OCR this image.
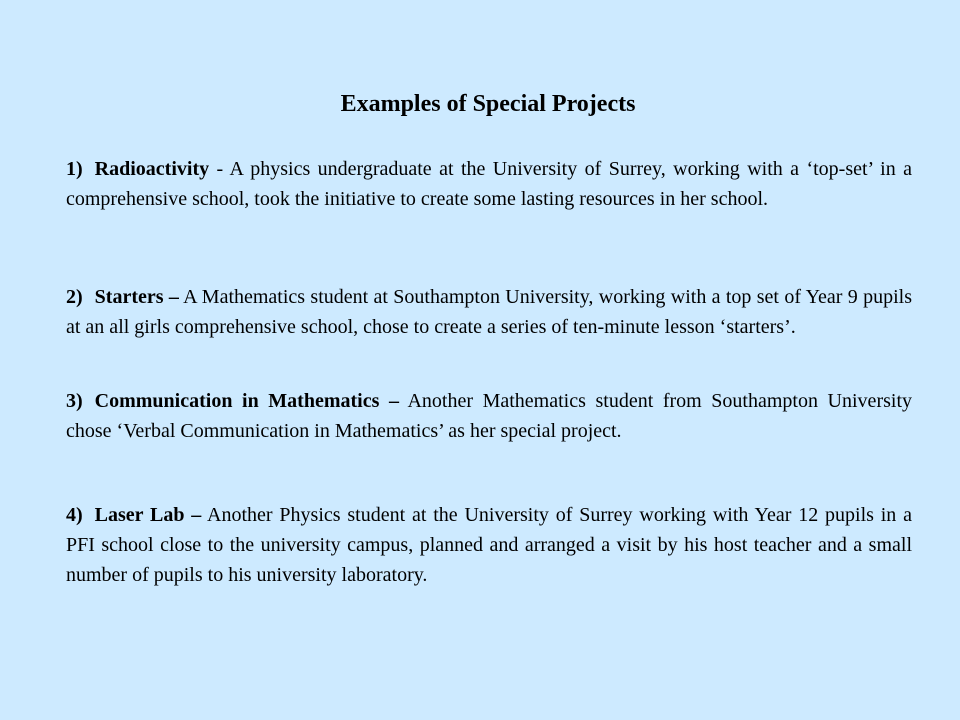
Examples of Special Projects

1) Radioactivity - A physics undergraduate at the University of Surrey, working with a ‘top-set’ in a comprehensive school, took the initiative to create some lasting resources in her school.

2) Starters – A Mathematics student at Southampton University, working with a top set of Year 9 pupils at an all girls comprehensive school, chose to create a series of ten-minute lesson ‘starters’.

3) Communication in Mathematics – Another Mathematics student from Southampton University chose ‘Verbal Communication in Mathematics’ as her special project.

4) Laser Lab – Another Physics student at the University of Surrey working with Year 12 pupils in a PFI school close to the university campus, planned and arranged a visit by his host teacher and a small number of pupils to his university laboratory.
